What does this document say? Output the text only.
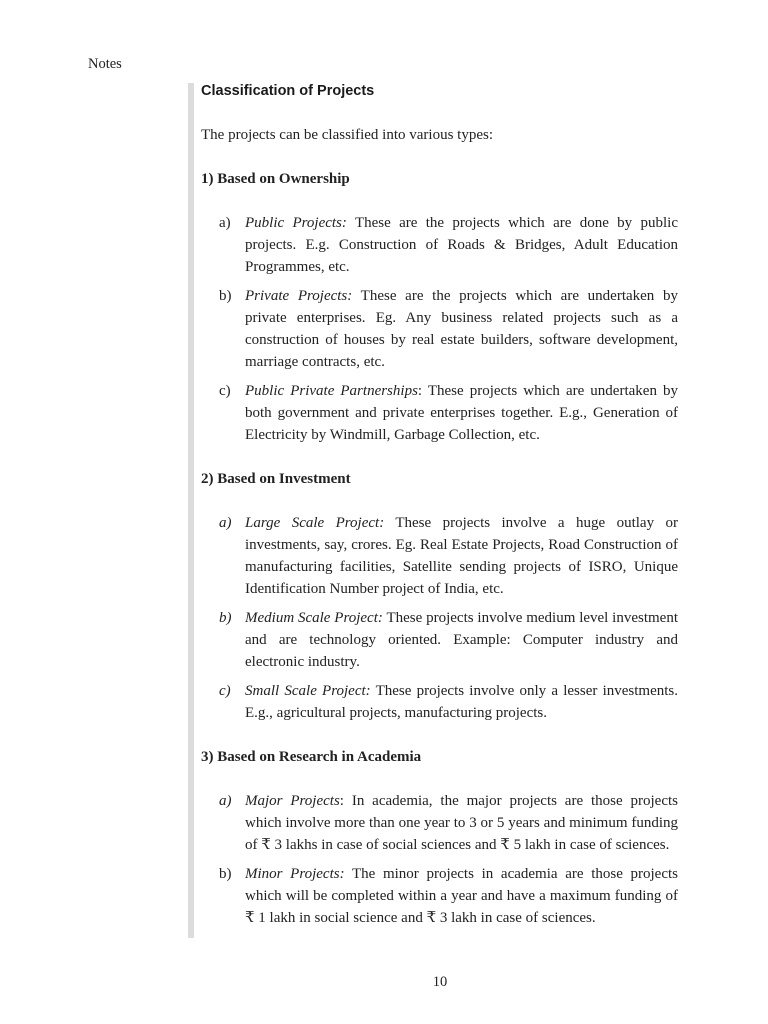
Notes
Classification of Projects

The projects can be classified into various types:

1) Based on Ownership

a) Public Projects: These are the projects which are done by public projects. E.g. Construction of Roads & Bridges, Adult Education Programmes, etc.
b) Private Projects: These are the projects which are undertaken by private enterprises. Eg. Any business related projects such as a construction of houses by real estate builders, software development, marriage contracts, etc.
c) Public Private Partnerships: These projects which are undertaken by both government and private enterprises together. E.g., Generation of Electricity by Windmill, Garbage Collection, etc.

2) Based on Investment

a) Large Scale Project: These projects involve a huge outlay or investments, say, crores. Eg. Real Estate Projects, Road Construction of manufacturing facilities, Satellite sending projects of ISRO, Unique Identification Number project of India, etc.
b) Medium Scale Project: These projects involve medium level investment and are technology oriented. Example: Computer industry and electronic industry.
c) Small Scale Project: These projects involve only a lesser investments. E.g., agricultural projects, manufacturing projects.

3) Based on Research in Academia

a) Major Projects: In academia, the major projects are those projects which involve more than one year to 3 or 5 years and minimum funding of ₹ 3 lakhs in case of social sciences and ₹ 5 lakh in case of sciences.
b) Minor Projects: The minor projects in academia are those projects which will be completed within a year and have a maximum funding of ₹ 1 lakh in social science and ₹ 3 lakh in case of sciences.
10
